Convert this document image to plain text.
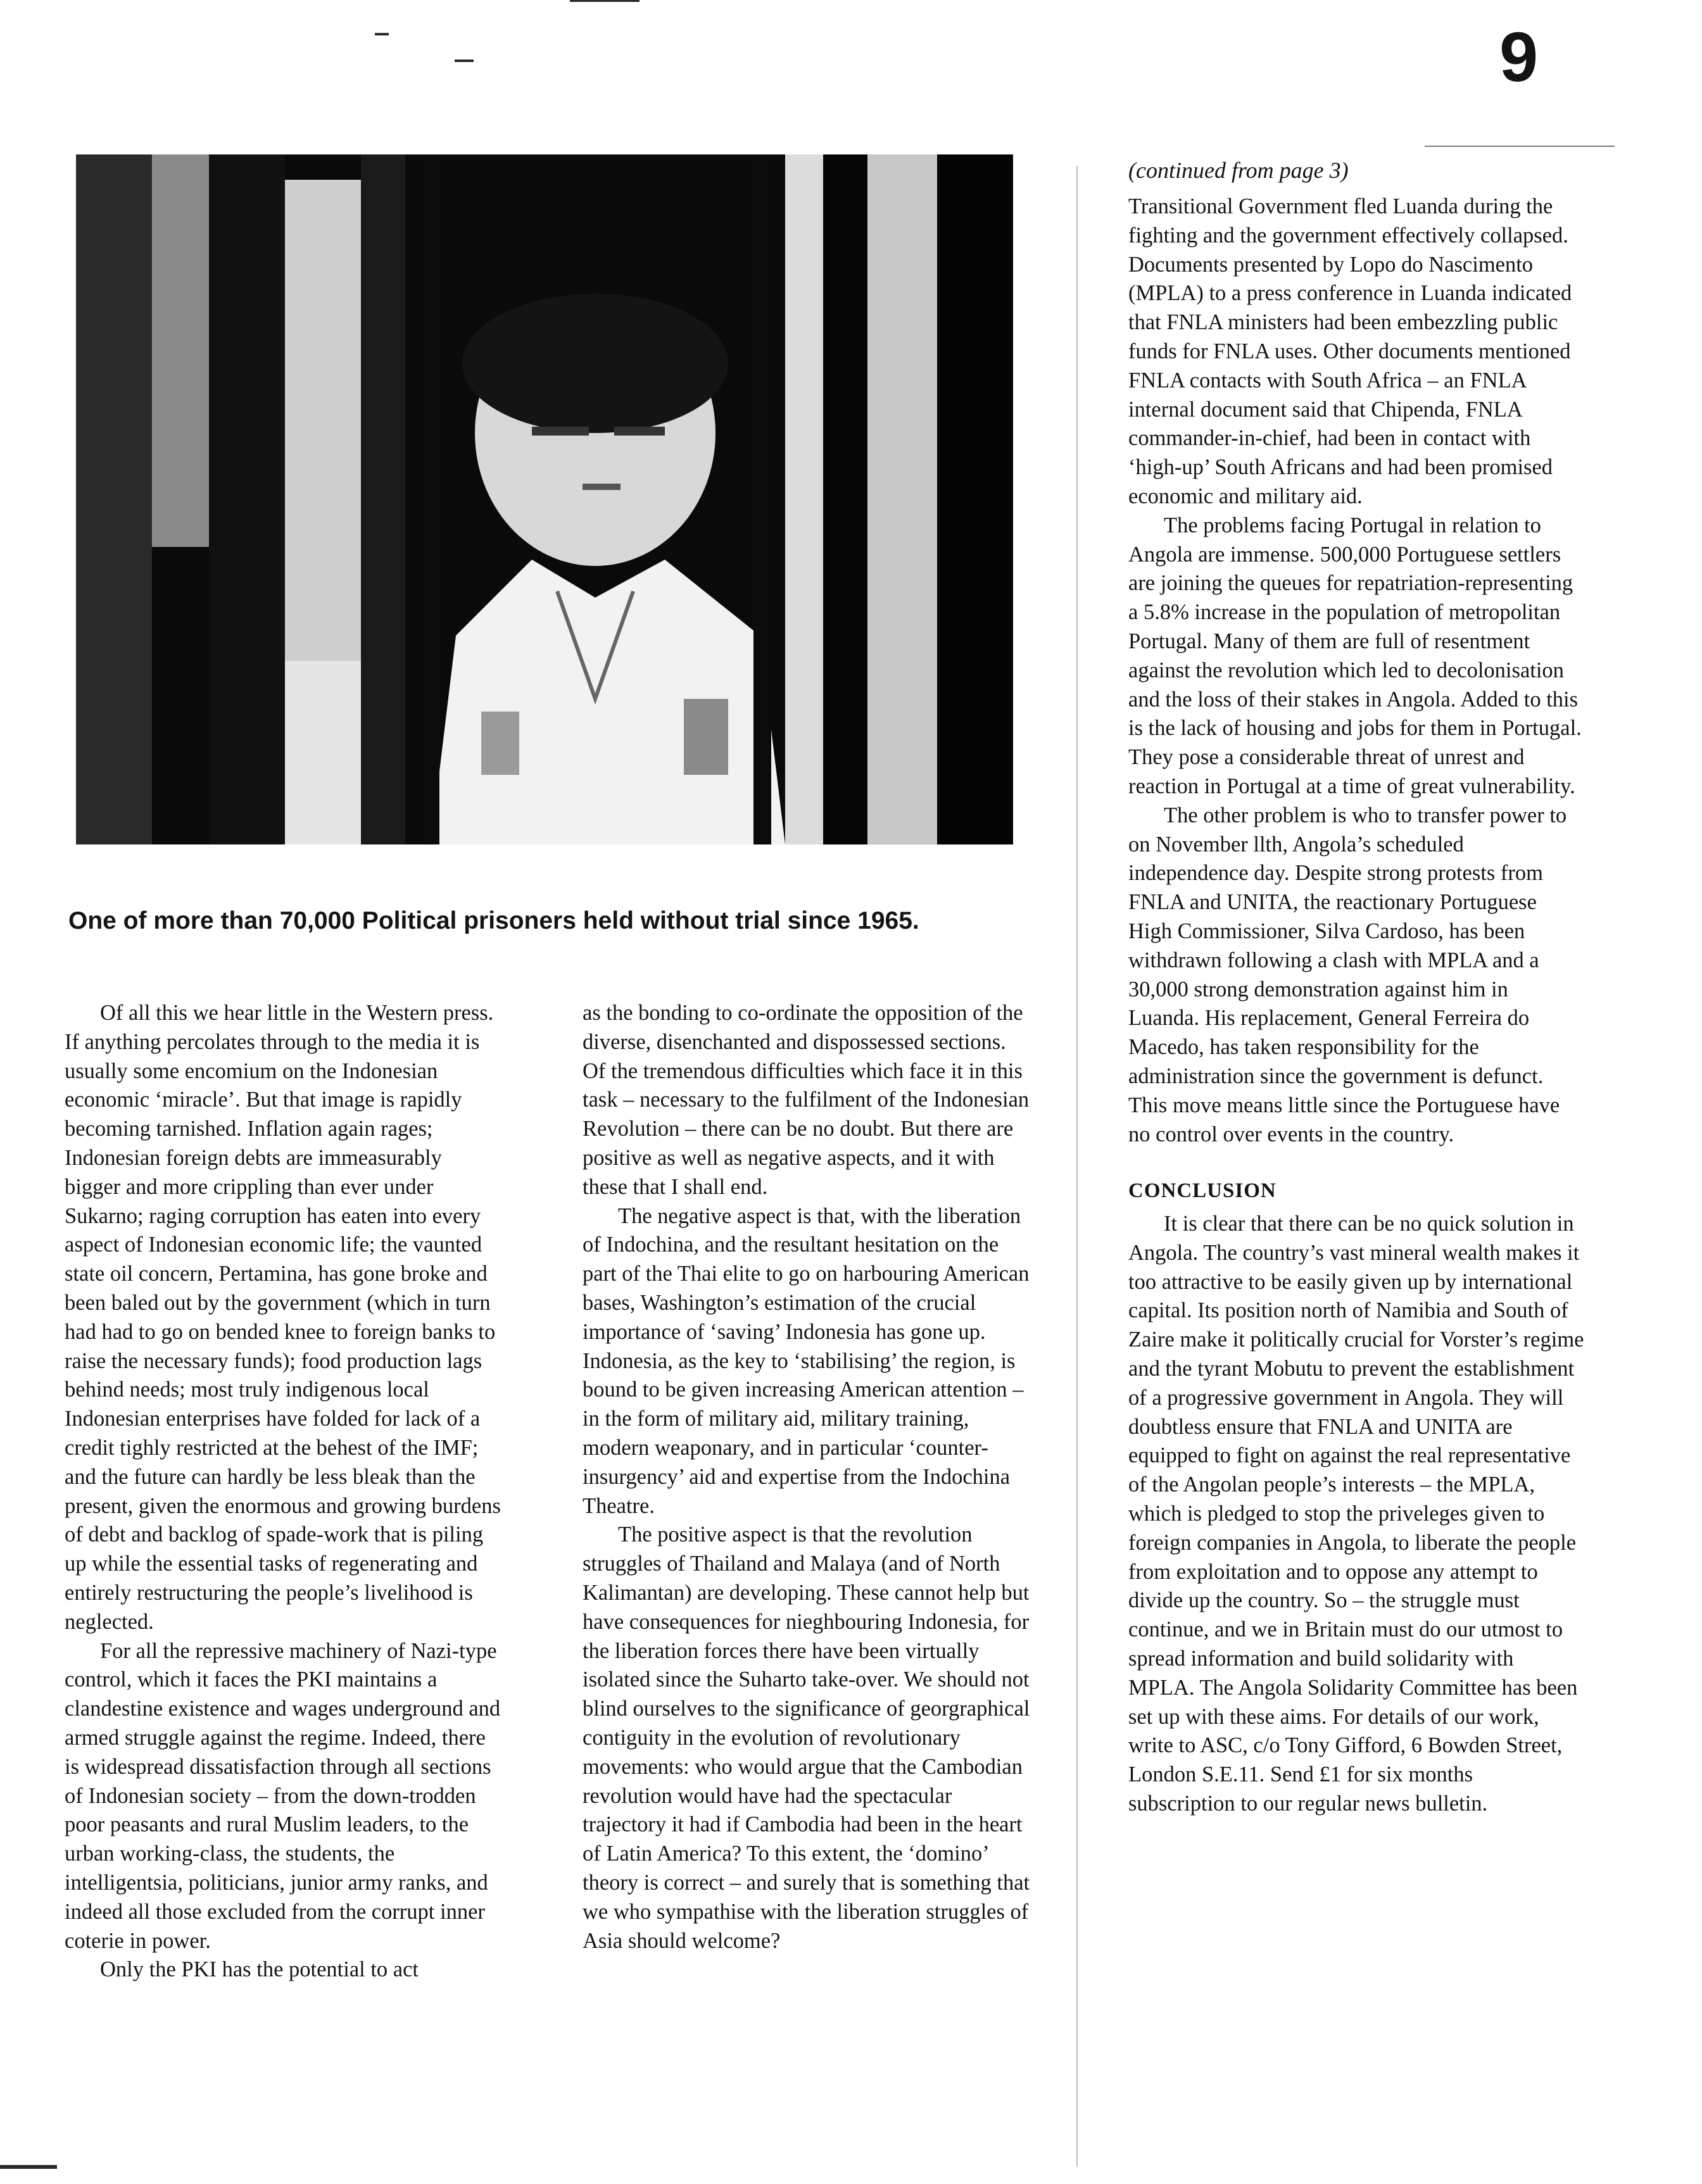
9
One of more than 70,000 Political prisoners held without trial since 1965.

Of all this we hear little in the Western press. If anything percolates through to the media it is usually some encomium on the Indonesian economic ‘miracle’. But that image is rapidly becoming tarnished. Inflation again rages; Indonesian foreign debts are immeasurably bigger and more crippling than ever under Sukarno; raging corruption has eaten into every aspect of Indonesian economic life; the vaunted state oil concern, Pertamina, has gone broke and been baled out by the government (which in turn had had to go on bended knee to foreign banks to raise the necessary funds); food production lags behind needs; most truly indigenous local Indonesian enterprises have folded for lack of a credit tighly restricted at the behest of the IMF; and the future can hardly be less bleak than the present, given the enormous and growing burdens of debt and backlog of spade-work that is piling up while the essential tasks of regenerating and entirely restructuring the people’s livelihood is neglected.

For all the repressive machinery of Nazi-type control, which it faces the PKI maintains a clandestine existence and wages underground and armed struggle against the regime. Indeed, there is widespread dissatisfaction through all sections of Indonesian society – from the down-trodden poor peasants and rural Muslim leaders, to the urban working-class, the students, the intelligentsia, politicians, junior army ranks, and indeed all those excluded from the corrupt inner coterie in power.

Only the PKI has the potential to act

as the bonding to co-ordinate the opposition of the diverse, disenchanted and dispossessed sections. Of the tremendous difficulties which face it in this task – necessary to the fulfilment of the Indonesian Revolution – there can be no doubt. But there are positive as well as negative aspects, and it with these that I shall end.

The negative aspect is that, with the liberation of Indochina, and the resultant hesitation on the part of the Thai elite to go on harbouring American bases, Washington’s estimation of the crucial importance of ‘saving’ Indonesia has gone up. Indonesia, as the key to ‘stabilising’ the region, is bound to be given increasing American attention – in the form of military aid, military training, modern weaponary, and in particular ‘counter-insurgency’ aid and expertise from the Indochina Theatre.

The positive aspect is that the revolution struggles of Thailand and Malaya (and of North Kalimantan) are developing. These cannot help but have consequences for nieghbouring Indonesia, for the liberation forces there have been virtually isolated since the Suharto take-over. We should not blind ourselves to the significance of georgraphical contiguity in the evolution of revolutionary movements: who would argue that the Cambodian revolution would have had the spectacular trajectory it had if Cambodia had been in the heart of Latin America? To this extent, the ‘domino’ theory is correct – and surely that is something that we who sympathise with the liberation struggles of Asia should welcome?

(continued from page 3)

Transitional Government fled Luanda during the fighting and the government effectively collapsed. Documents presented by Lopo do Nascimento (MPLA) to a press conference in Luanda indicated that FNLA ministers had been embezzling public funds for FNLA uses. Other documents mentioned FNLA contacts with South Africa – an FNLA internal document said that Chipenda, FNLA commander-in-chief, had been in contact with ‘high-up’ South Africans and had been promised economic and military aid.

The problems facing Portugal in relation to Angola are immense. 500,000 Portuguese settlers are joining the queues for repatriation-representing a 5.8% increase in the population of metropolitan Portugal. Many of them are full of resentment against the revolution which led to decolonisation and the loss of their stakes in Angola. Added to this is the lack of housing and jobs for them in Portugal. They pose a considerable threat of unrest and reaction in Portugal at a time of great vulnerability.

The other problem is who to transfer power to on November llth, Angola’s scheduled independence day. Despite strong protests from FNLA and UNITA, the reactionary Portuguese High Commissioner, Silva Cardoso, has been withdrawn following a clash with MPLA and a 30,000 strong demonstration against him in Luanda. His replacement, General Ferreira do Macedo, has taken responsibility for the administration since the government is defunct. This move means little since the Portuguese have no control over events in the country.

CONCLUSION

It is clear that there can be no quick solution in Angola. The country’s vast mineral wealth makes it too attractive to be easily given up by international capital. Its position north of Namibia and South of Zaire make it politically crucial for Vorster’s regime and the tyrant Mobutu to prevent the establishment of a progressive government in Angola. They will doubtless ensure that FNLA and UNITA are equipped to fight on against the real representative of the Angolan people’s interests – the MPLA, which is pledged to stop the priveleges given to foreign companies in Angola, to liberate the people from exploitation and to oppose any attempt to divide up the country. So – the struggle must continue, and we in Britain must do our utmost to spread information and build solidarity with MPLA. The Angola Solidarity Committee has been set up with these aims. For details of our work, write to ASC, c/o Tony Gifford, 6 Bowden Street, London S.E.11. Send £1 for six months subscription to our regular news bulletin.
